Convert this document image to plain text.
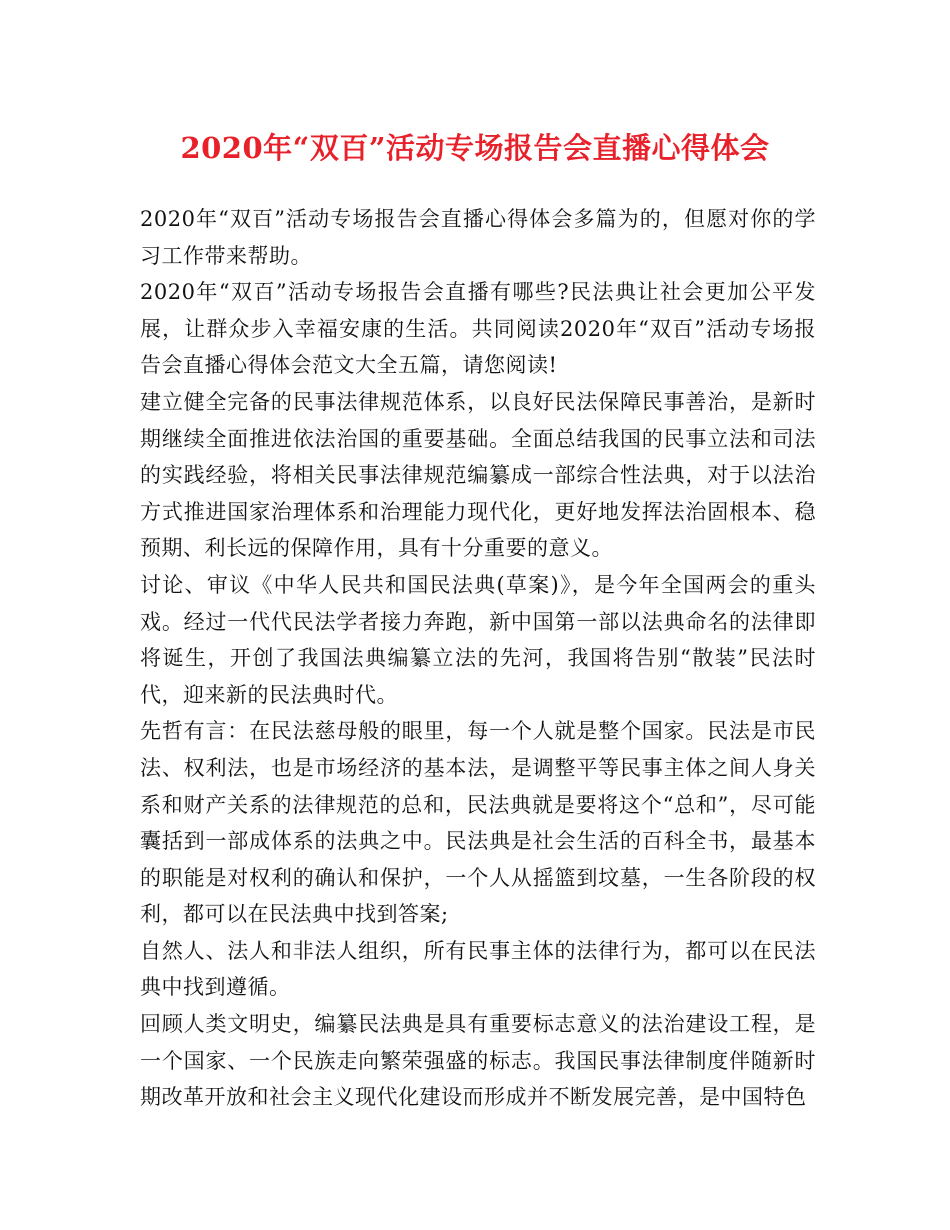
2020年“双百”活动专场报告会直播心得体会

2020年“双百”活动专场报告会直播心得体会多篇为的，但愿对你的学习工作带来帮助。

2020年“双百”活动专场报告会直播有哪些?民法典让社会更加公平发展，让群众步入幸福安康的生活。共同阅读2020年“双百”活动专场报告会直播心得体会范文大全五篇，请您阅读!

建立健全完备的民事法律规范体系，以良好民法保障民事善治，是新时期继续全面推进依法治国的重要基础。全面总结我国的民事立法和司法的实践经验，将相关民事法律规范编纂成一部综合性法典，对于以法治方式推进国家治理体系和治理能力现代化，更好地发挥法治固根本、稳预期、利长远的保障作用，具有十分重要的意义。

讨论、审议《中华人民共和国民法典(草案)》，是今年全国两会的重头戏。经过一代代民法学者接力奔跑，新中国第一部以法典命名的法律即将诞生，开创了我国法典编纂立法的先河，我国将告别“散装”民法时代，迎来新的民法典时代。

先哲有言：在民法慈母般的眼里，每一个人就是整个国家。民法是市民法、权利法，也是市场经济的基本法，是调整平等民事主体之间人身关系和财产关系的法律规范的总和，民法典就是要将这个“总和”，尽可能囊括到一部成体系的法典之中。民法典是社会生活的百科全书，最基本的职能是对权利的确认和保护，一个人从摇篮到坟墓，一生各阶段的权利，都可以在民法典中找到答案;

自然人、法人和非法人组织，所有民事主体的法律行为，都可以在民法典中找到遵循。

回顾人类文明史，编纂民法典是具有重要标志意义的法治建设工程，是一个国家、一个民族走向繁荣强盛的标志。我国民事法律制度伴随新时期改革开放和社会主义现代化建设而形成并不断发展完善，是中国特色
